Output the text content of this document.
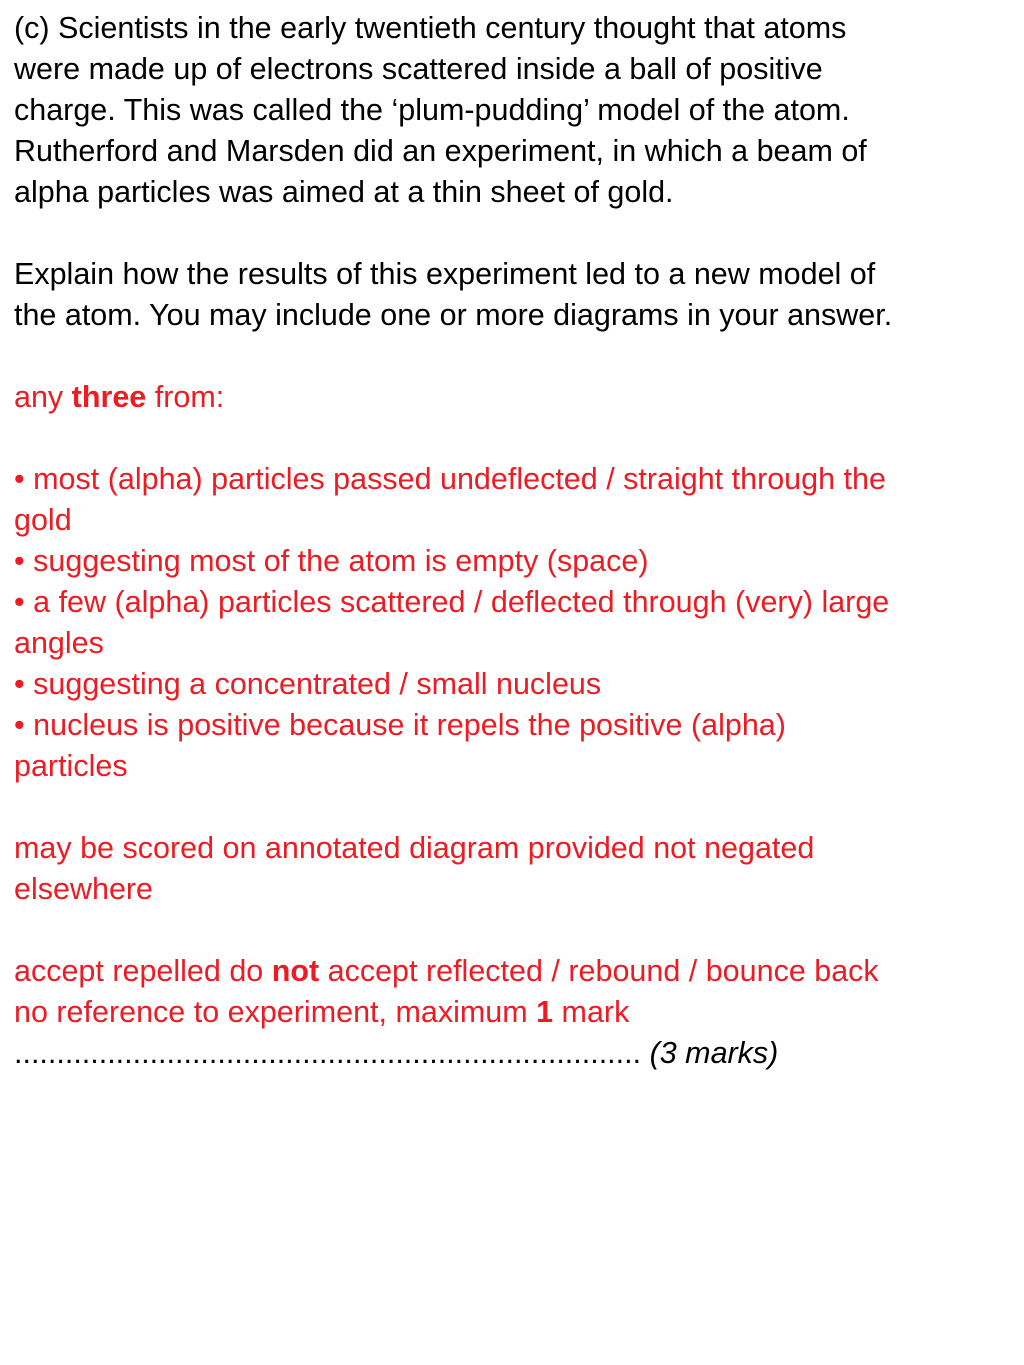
(c) Scientists in the early twentieth century thought that atoms
were made up of electrons scattered inside a ball of positive
charge. This was called the ‘plum-pudding’ model of the atom.
Rutherford and Marsden did an experiment, in which a beam of
alpha particles was aimed at a thin sheet of gold.
Explain how the results of this experiment led to a new model of
the atom. You may include one or more diagrams in your answer.
any three from:
• most (alpha) particles passed undeflected / straight through the
gold
• suggesting most of the atom is empty (space)
• a few (alpha) particles scattered / deflected through (very) large
angles
• suggesting a concentrated / small nucleus
• nucleus is positive because it repels the positive (alpha)
particles
may be scored on annotated diagram provided not negated
elsewhere
accept repelled do not accept reflected / rebound / bounce back
no reference to experiment, maximum 1 mark
.......................................................................... (3 marks)
